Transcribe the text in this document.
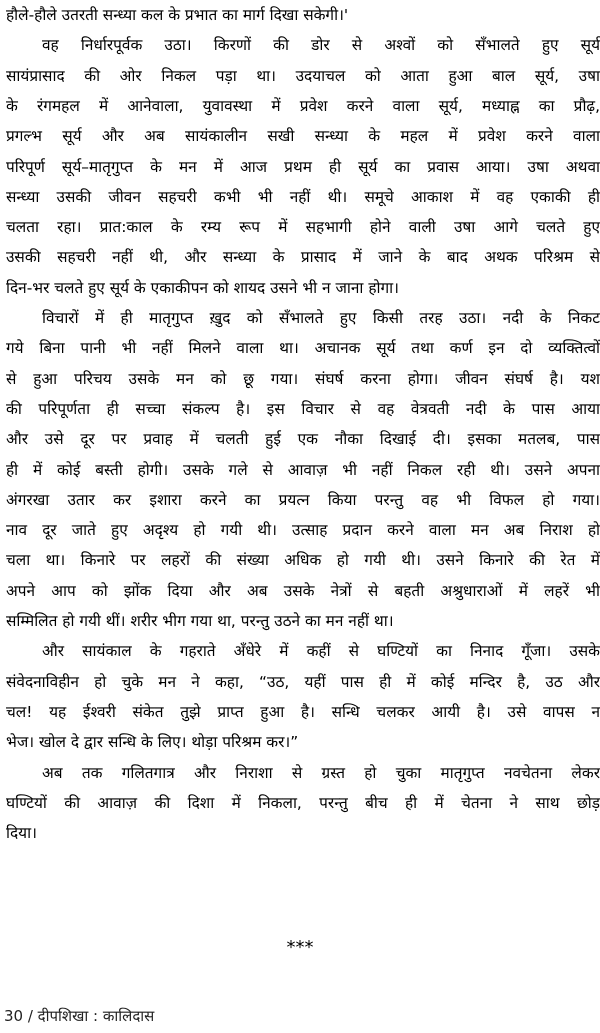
हौले-हौले उतरती सन्ध्या कल के प्रभात का मार्ग दिखा सकेगी।'
वह निर्धारपूर्वक उठा। किरणों की डोर से अश्वों को सँभालते हुए सूर्य
सायंप्रासाद की ओर निकल पड़ा था। उदयाचल को आता हुआ बाल सूर्य, उषा
के रंगमहल में आनेवाला, युवावस्था में प्रवेश करने वाला सूर्य, मध्याह्न का प्रौढ़,
प्रगल्भ सूर्य और अब सायंकालीन सखी सन्ध्या के महल में प्रवेश करने वाला
परिपूर्ण सूर्य–मातृगुप्त के मन में आज प्रथम ही सूर्य का प्रवास आया। उषा अथवा
सन्ध्या उसकी जीवन सहचरी कभी भी नहीं थी। समूचे आकाश में वह एकाकी ही
चलता रहा। प्रात:काल के रम्य रूप में सहभागी होने वाली उषा आगे चलते हुए
उसकी सहचरी नहीं थी, और सन्ध्या के प्रासाद में जाने के बाद अथक परिश्रम से
दिन-भर चलते हुए सूर्य के एकाकीपन को शायद उसने भी न जाना होगा।
विचारों में ही मातृगुप्त ख़ुद को सँभालते हुए किसी तरह उठा। नदी के निकट
गये बिना पानी भी नहीं मिलने वाला था। अचानक सूर्य तथा कर्ण इन दो व्यक्तित्वों
से हुआ परिचय उसके मन को छू गया। संघर्ष करना होगा। जीवन संघर्ष है। यश
की परिपूर्णता ही सच्चा संकल्प है। इस विचार से वह वेत्रवती नदी के पास आया
और उसे दूर पर प्रवाह में चलती हुई एक नौका दिखाई दी। इसका मतलब, पास
ही में कोई बस्ती होगी। उसके गले से आवाज़ भी नहीं निकल रही थी। उसने अपना
अंगरखा उतार कर इशारा करने का प्रयत्न किया परन्तु वह भी विफल हो गया।
नाव दूर जाते हुए अदृश्य हो गयी थी। उत्साह प्रदान करने वाला मन अब निराश हो
चला था। किनारे पर लहरों की संख्या अधिक हो गयी थी। उसने किनारे की रेत में
अपने आप को झोंक दिया और अब उसके नेत्रों से बहती अश्रुधाराओं में लहरें भी
सम्मिलित हो गयी थीं। शरीर भीग गया था, परन्तु उठने का मन नहीं था।
और सायंकाल के गहराते अँधेरे में कहीं से घण्टियों का निनाद गूँजा। उसके
संवेदनाविहीन हो चुके मन ने कहा, “उठ, यहीं पास ही में कोई मन्दिर है, उठ और
चल! यह ईश्वरी संकेत तुझे प्राप्त हुआ है। सन्धि चलकर आयी है। उसे वापस न
भेज। खोल दे द्वार सन्धि के लिए। थोड़ा परिश्रम कर।”
अब तक गलितगात्र और निराशा से ग्रस्त हो चुका मातृगुप्त नवचेतना लेकर
घण्टियों की आवाज़ की दिशा में निकला, परन्तु बीच ही में चेतना ने साथ छोड़
दिया।
***
30 / दीपशिखा : कालिदास
